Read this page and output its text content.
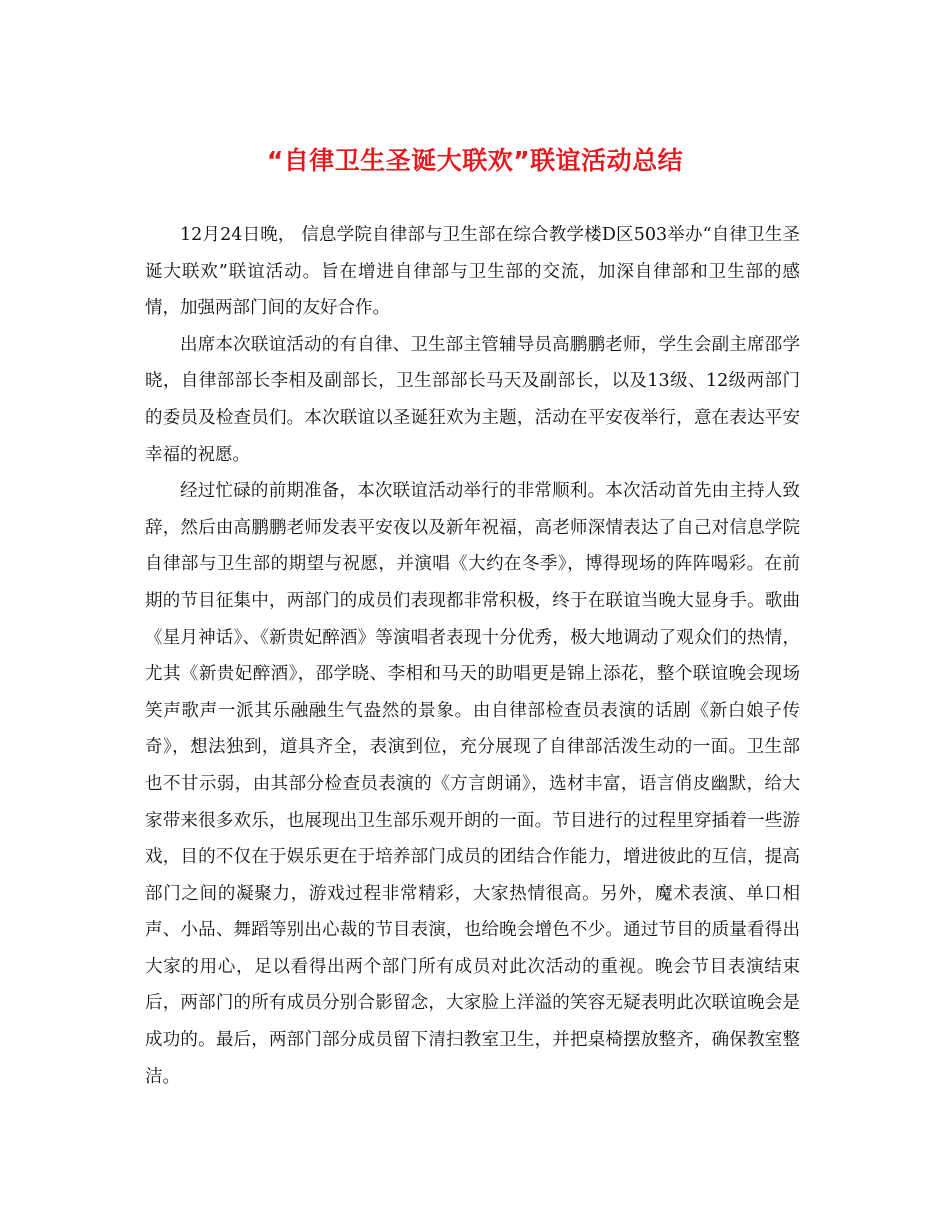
“自律卫生圣诞大联欢”联谊活动总结

12月24日晚， 信息学院自律部与卫生部在综合教学楼D区503举办“自律卫生圣诞大联欢”联谊活动。旨在增进自律部与卫生部的交流，加深自律部和卫生部的感情，加强两部门间的友好合作。

出席本次联谊活动的有自律、卫生部主管辅导员高鹏鹏老师，学生会副主席邵学晓，自律部部长李相及副部长，卫生部部长马天及副部长，以及13级、12级两部门的委员及检查员们。本次联谊以圣诞狂欢为主题，活动在平安夜举行，意在表达平安幸福的祝愿。

经过忙碌的前期准备，本次联谊活动举行的非常顺利。本次活动首先由主持人致辞，然后由高鹏鹏老师发表平安夜以及新年祝福，高老师深情表达了自己对信息学院自律部与卫生部的期望与祝愿，并演唱《大约在冬季》，博得现场的阵阵喝彩。在前期的节目征集中，两部门的成员们表现都非常积极，终于在联谊当晚大显身手。歌曲《星月神话》、《新贵妃醉酒》等演唱者表现十分优秀，极大地调动了观众们的热情，尤其《新贵妃醉酒》，邵学晓、李相和马天的助唱更是锦上添花，整个联谊晚会现场笑声歌声一派其乐融融生气盎然的景象。由自律部检查员表演的话剧《新白娘子传奇》，想法独到，道具齐全，表演到位，充分展现了自律部活泼生动的一面。卫生部也不甘示弱，由其部分检查员表演的《方言朗诵》，选材丰富，语言俏皮幽默，给大家带来很多欢乐，也展现出卫生部乐观开朗的一面。节目进行的过程里穿插着一些游戏，目的不仅在于娱乐更在于培养部门成员的团结合作能力，增进彼此的互信，提高部门之间的凝聚力，游戏过程非常精彩，大家热情很高。另外，魔术表演、单口相声、小品、舞蹈等别出心裁的节目表演，也给晚会增色不少。通过节目的质量看得出大家的用心，足以看得出两个部门所有成员对此次活动的重视。晚会节目表演结束后，两部门的所有成员分别合影留念，大家脸上洋溢的笑容无疑表明此次联谊晚会是成功的。最后，两部门部分成员留下清扫教室卫生，并把桌椅摆放整齐，确保教室整洁。
